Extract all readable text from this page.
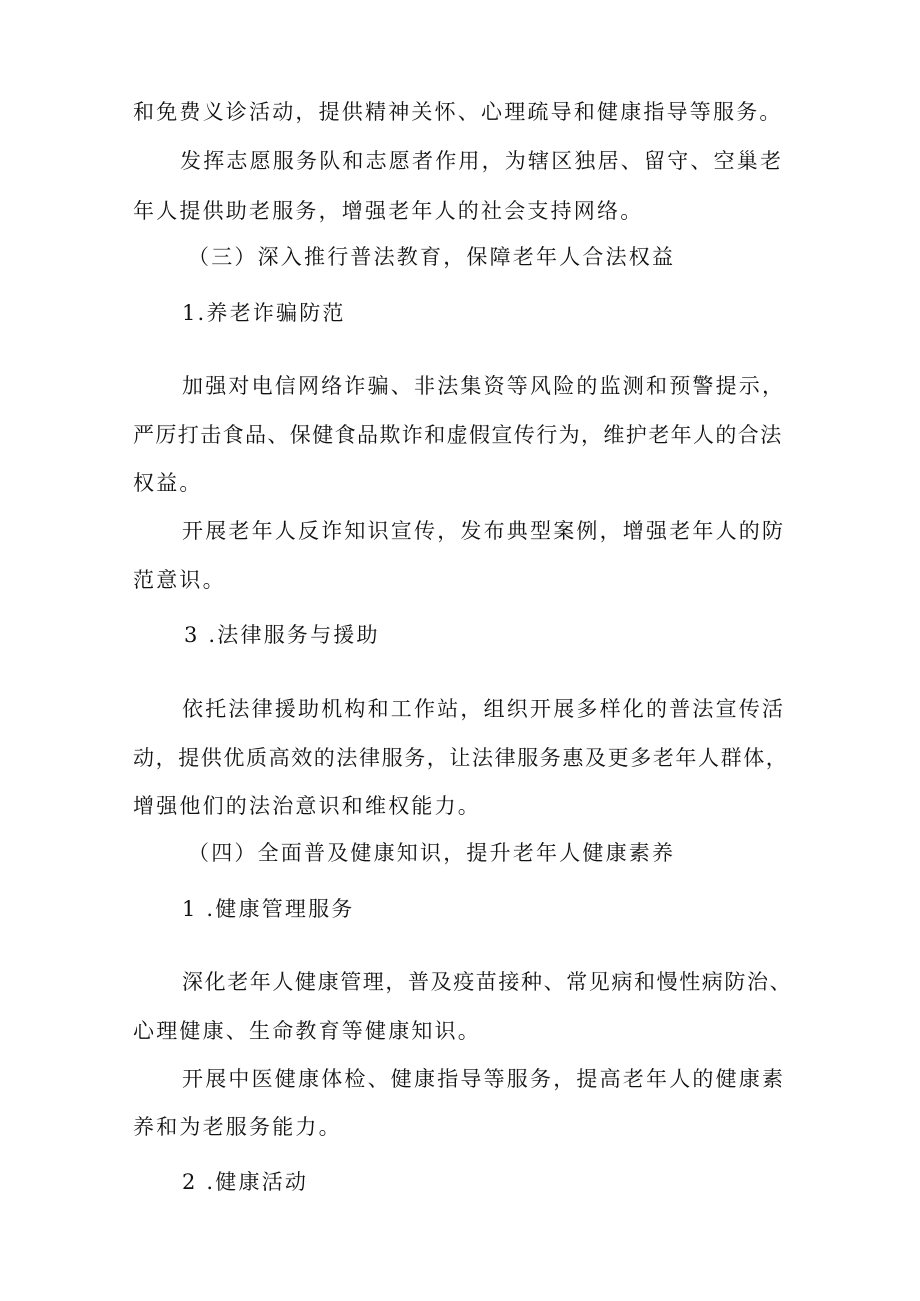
和免费义诊活动，提供精神关怀、心理疏导和健康指导等服务。
发挥志愿服务队和志愿者作用，为辖区独居、留守、空巢老
年人提供助老服务，增强老年人的社会支持网络。
（三）深入推行普法教育，保障老年人合法权益
1.养老诈骗防范
加强对电信网络诈骗、非法集资等风险的监测和预警提示，
严厉打击食品、保健食品欺诈和虚假宣传行为，维护老年人的合法
权益。
开展老年人反诈知识宣传，发布典型案例，增强老年人的防
范意识。
3 .法律服务与援助
依托法律援助机构和工作站，组织开展多样化的普法宣传活
动，提供优质高效的法律服务，让法律服务惠及更多老年人群体，
增强他们的法治意识和维权能力。
（四）全面普及健康知识，提升老年人健康素养
1 .健康管理服务
深化老年人健康管理，普及疫苗接种、常见病和慢性病防治、
心理健康、生命教育等健康知识。
开展中医健康体检、健康指导等服务，提高老年人的健康素
养和为老服务能力。
2 .健康活动
